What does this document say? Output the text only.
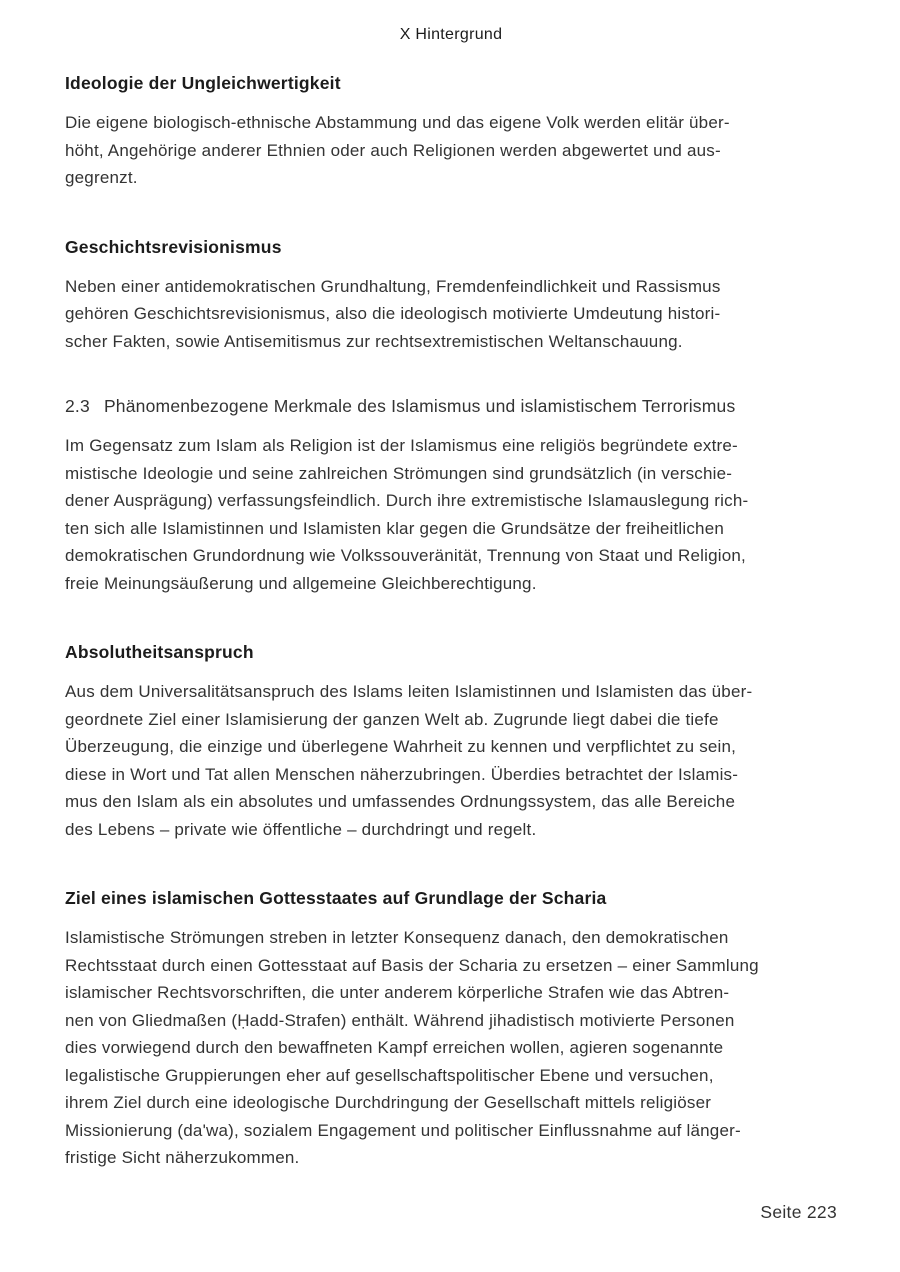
X Hintergrund
Ideologie der Ungleichwertigkeit

Die eigene biologisch-ethnische Abstammung und das eigene Volk werden elitär über-
höht, Angehörige anderer Ethnien oder auch Religionen werden abgewertet und aus-
gegrenzt.

Geschichtsrevisionismus

Neben einer antidemokratischen Grundhaltung, Fremdenfeindlichkeit und Rassismus
gehören Geschichtsrevisionismus, also die ideologisch motivierte Umdeutung histori-
scher Fakten, sowie Antisemitismus zur rechtsextremistischen Weltanschauung.

2.3 Phänomenbezogene Merkmale des Islamismus und islamistischem Terrorismus

Im Gegensatz zum Islam als Religion ist der Islamismus eine religiös begründete extre-
mistische Ideologie und seine zahlreichen Strömungen sind grundsätzlich (in verschie-
dener Ausprägung) verfassungsfeindlich. Durch ihre extremistische Islamauslegung rich-
ten sich alle Islamistinnen und Islamisten klar gegen die Grundsätze der freiheitlichen
demokratischen Grundordnung wie Volkssouveränität, Trennung von Staat und Religion,
freie Meinungsäußerung und allgemeine Gleichberechtigung.

Absolutheitsanspruch

Aus dem Universalitätsanspruch des Islams leiten Islamistinnen und Islamisten das über-
geordnete Ziel einer Islamisierung der ganzen Welt ab. Zugrunde liegt dabei die tiefe
Überzeugung, die einzige und überlegene Wahrheit zu kennen und verpflichtet zu sein,
diese in Wort und Tat allen Menschen näherzubringen. Überdies betrachtet der Islamis-
mus den Islam als ein absolutes und umfassendes Ordnungssystem, das alle Bereiche
des Lebens – private wie öffentliche – durchdringt und regelt.

Ziel eines islamischen Gottesstaates auf Grundlage der Scharia

Islamistische Strömungen streben in letzter Konsequenz danach, den demokratischen
Rechtsstaat durch einen Gottesstaat auf Basis der Scharia zu ersetzen – einer Sammlung
islamischer Rechtsvorschriften, die unter anderem körperliche Strafen wie das Abtren-
nen von Gliedmaßen (Ḥadd-Strafen) enthält. Während jihadistisch motivierte Personen
dies vorwiegend durch den bewaffneten Kampf erreichen wollen, agieren sogenannte
legalistische Gruppierungen eher auf gesellschaftspolitischer Ebene und versuchen,
ihrem Ziel durch eine ideologische Durchdringung der Gesellschaft mittels religiöser
Missionierung (da'wa), sozialem Engagement und politischer Einflussnahme auf länger-
fristige Sicht näherzukommen.

Seite 223
